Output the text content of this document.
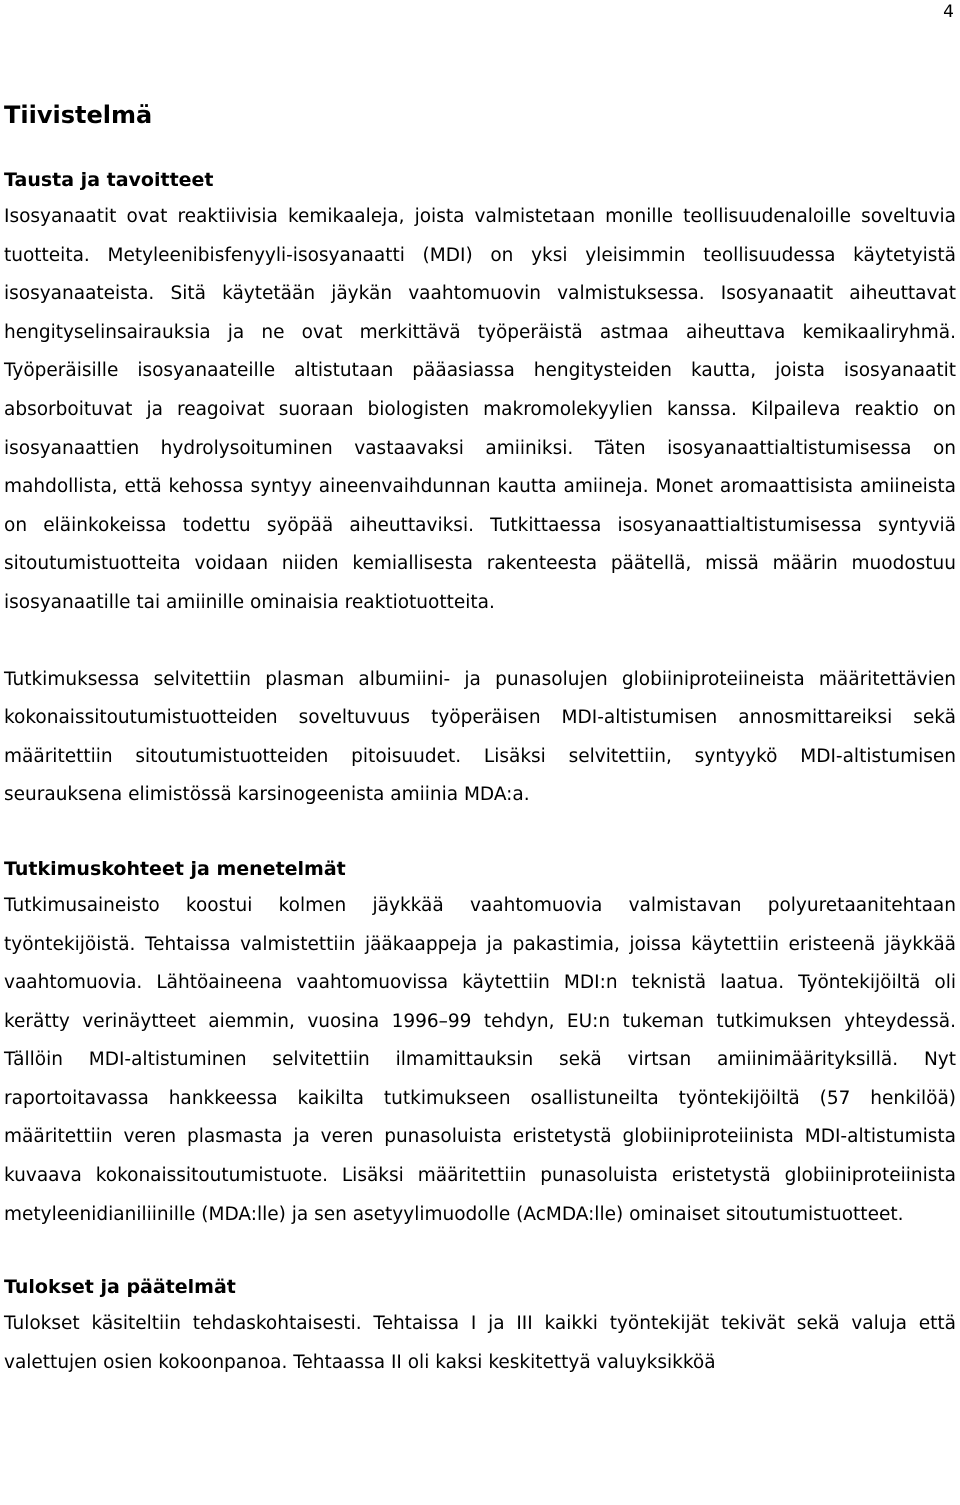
4
Tiivistelmä
Tausta ja tavoitteet

Isosyanaatit ovat reaktiivisia kemikaaleja, joista valmistetaan monille teollisuudenaloille soveltuvia tuotteita. Metyleenibisfenyyli-isosyanaatti (MDI) on yksi yleisimmin teollisuudessa käytetyistä isosyanaateista. Sitä käytetään jäykän vaahtomuovin valmistuksessa. Isosyanaatit aiheuttavat hengityselinsairauksia ja ne ovat merkittävä työperäistä astmaa aiheuttava kemikaaliryhmä. Työperäisille isosyanaateille altistutaan pääasiassa hengitysteiden kautta, joista isosyanaatit absorboituvat ja reagoivat suoraan biologisten makromolekyylien kanssa. Kilpaileva reaktio on isosyanaattien hydrolysoituminen vastaavaksi amiiniksi. Täten isosyanaattialtistumisessa on mahdollista, että kehossa syntyy aineenvaihdunnan kautta amiineja. Monet aromaattisista amiineista on eläinkokeissa todettu syöpää aiheuttaviksi. Tutkittaessa isosyanaattialtistumisessa syntyviä sitoutumistuotteita voidaan niiden kemiallisesta rakenteesta päätellä, missä määrin muodostuu isosyanaatille tai amiinille ominaisia reaktiotuotteita.

Tutkimuksessa selvitettiin plasman albumiini- ja punasolujen globiiniproteiineista määritettävien kokonaissitoutumistuotteiden soveltuvuus työperäisen MDI-altistumisen annosmittareiksi sekä määritettiin sitoutumistuotteiden pitoisuudet. Lisäksi selvitettiin, syntyykö MDI-altistumisen seurauksena elimistössä karsinogeenista amiinia MDA:a.

Tutkimuskohteet ja menetelmät

Tutkimusaineisto koostui kolmen jäykkää vaahtomuovia valmistavan polyuretaanitehtaan työntekijöistä. Tehtaissa valmistettiin jääkaappeja ja pakastimia, joissa käytettiin eristeenä jäykkää vaahtomuovia. Lähtöaineena vaahtomuovissa käytettiin MDI:n teknistä laatua. Työntekijöiltä oli kerätty verinäytteet aiemmin, vuosina 1996–99 tehdyn, EU:n tukeman tutkimuksen yhteydessä. Tällöin MDI-altistuminen selvitettiin ilmamittauksin sekä virtsan amiinimäärityksillä. Nyt raportoitavassa hankkeessa kaikilta tutkimukseen osallistuneilta työntekijöiltä (57 henkilöä) määritettiin veren plasmasta ja veren punasoluista eristetystä globiiniproteiinista MDI-altistumista kuvaava kokonaissitoutumistuote. Lisäksi määritettiin punasoluista eristetystä globiiniproteiinista metyleenidianiliinille (MDA:lle) ja sen asetyylimuodolle (AcMDA:lle) ominaiset sitoutumistuotteet.

Tulokset ja päätelmät

Tulokset käsiteltiin tehdaskohtaisesti. Tehtaissa I ja III kaikki työntekijät tekivät sekä valuja että valettujen osien kokoonpanoa. Tehtaassa II oli kaksi keskitettyä valuyksikköä
